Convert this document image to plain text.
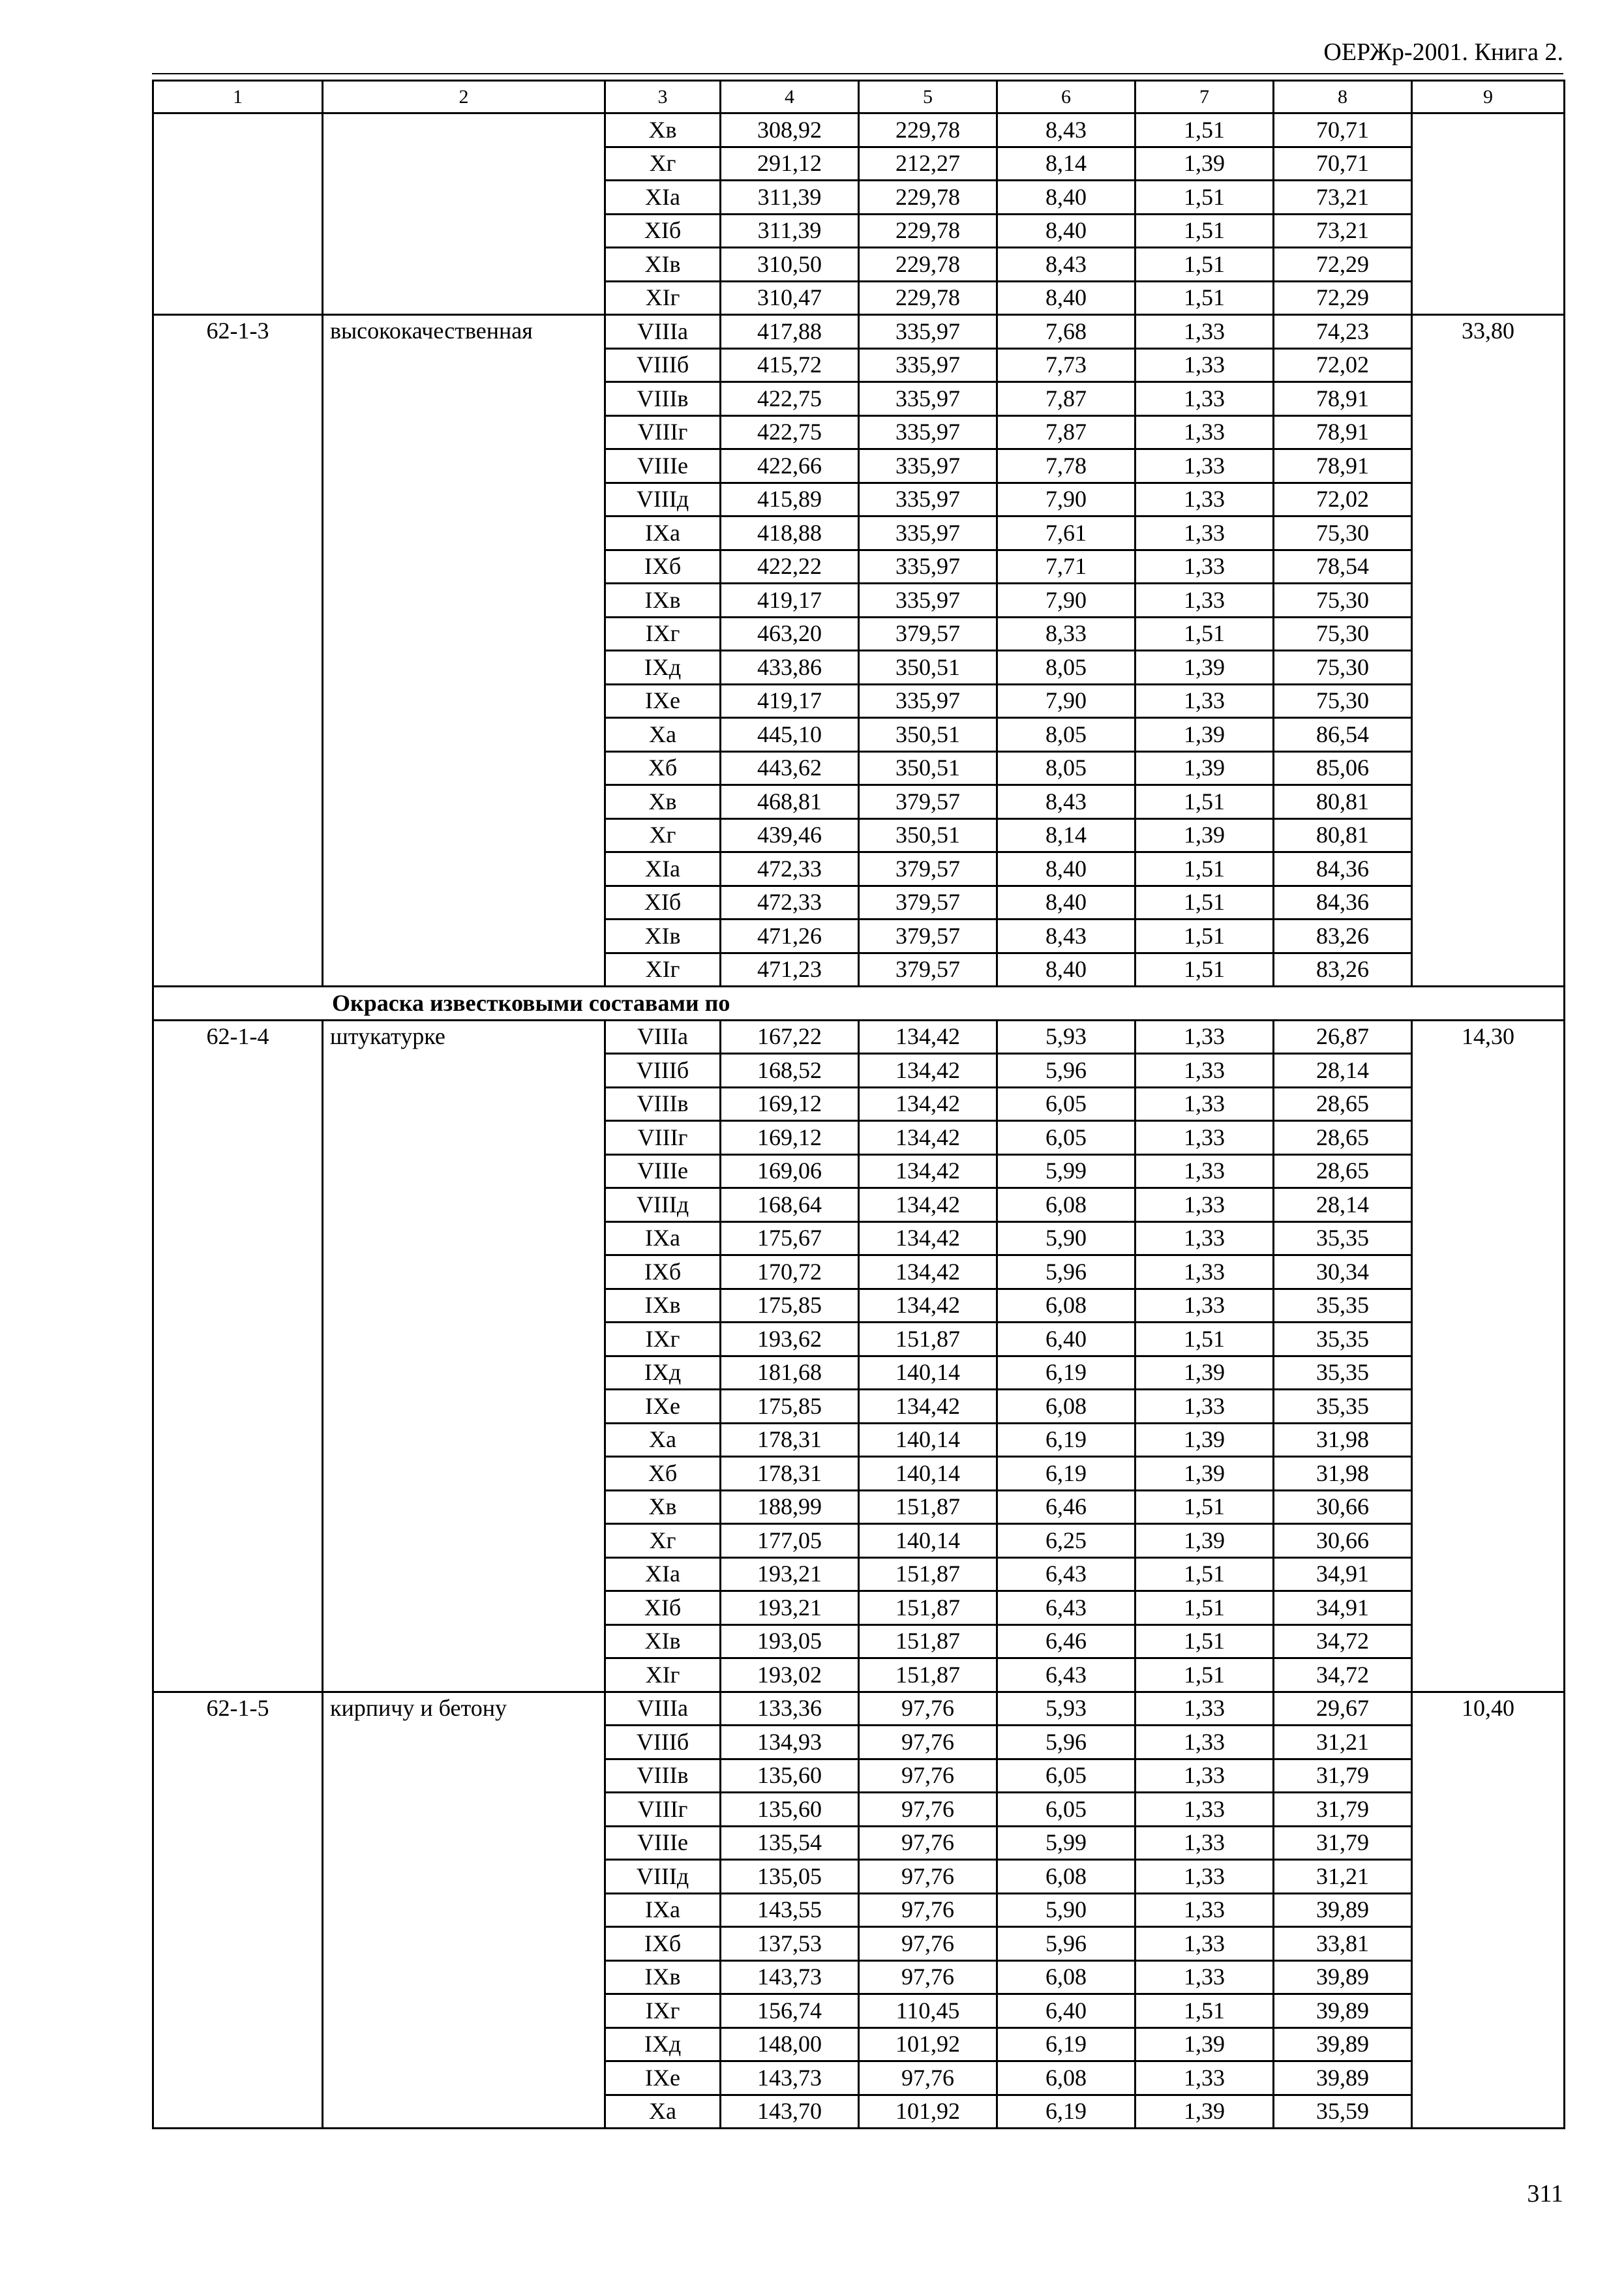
ОЕРЖр-2001. Книга 2.
1	2	3	4	5	6	7	8	9
		Хв	308,92	229,78	8,43	1,51	70,71	
		Хг	291,12	212,27	8,14	1,39	70,71	
		XIа	311,39	229,78	8,40	1,51	73,21	
		XIб	311,39	229,78	8,40	1,51	73,21	
		XIв	310,50	229,78	8,43	1,51	72,29	
		XIг	310,47	229,78	8,40	1,51	72,29	
62-1-3	высококачественная	VIIIа	417,88	335,97	7,68	1,33	74,23	33,80
		VIIIб	415,72	335,97	7,73	1,33	72,02	
		VIIIв	422,75	335,97	7,87	1,33	78,91	
		VIIIг	422,75	335,97	7,87	1,33	78,91	
		VIIIе	422,66	335,97	7,78	1,33	78,91	
		VIIIд	415,89	335,97	7,90	1,33	72,02	
		IХа	418,88	335,97	7,61	1,33	75,30	
		IХб	422,22	335,97	7,71	1,33	78,54	
		IХв	419,17	335,97	7,90	1,33	75,30	
		IХг	463,20	379,57	8,33	1,51	75,30	
		IХд	433,86	350,51	8,05	1,39	75,30	
		IХе	419,17	335,97	7,90	1,33	75,30	
		Ха	445,10	350,51	8,05	1,39	86,54	
		Хб	443,62	350,51	8,05	1,39	85,06	
		Хв	468,81	379,57	8,43	1,51	80,81	
		Хг	439,46	350,51	8,14	1,39	80,81	
		XIа	472,33	379,57	8,40	1,51	84,36	
		XIб	472,33	379,57	8,40	1,51	84,36	
		XIв	471,26	379,57	8,43	1,51	83,26	
		XIг	471,23	379,57	8,40	1,51	83,26	
Окраска известковыми составами по								
62-1-4	штукатурке	VIIIа	167,22	134,42	5,93	1,33	26,87	14,30
		VIIIб	168,52	134,42	5,96	1,33	28,14	
		VIIIв	169,12	134,42	6,05	1,33	28,65	
		VIIIг	169,12	134,42	6,05	1,33	28,65	
		VIIIе	169,06	134,42	5,99	1,33	28,65	
		VIIIд	168,64	134,42	6,08	1,33	28,14	
		IХа	175,67	134,42	5,90	1,33	35,35	
		IХб	170,72	134,42	5,96	1,33	30,34	
		IХв	175,85	134,42	6,08	1,33	35,35	
		IХг	193,62	151,87	6,40	1,51	35,35	
		IХд	181,68	140,14	6,19	1,39	35,35	
		IХе	175,85	134,42	6,08	1,33	35,35	
		Ха	178,31	140,14	6,19	1,39	31,98	
		Хб	178,31	140,14	6,19	1,39	31,98	
		Хв	188,99	151,87	6,46	1,51	30,66	
		Хг	177,05	140,14	6,25	1,39	30,66	
		XIа	193,21	151,87	6,43	1,51	34,91	
		XIб	193,21	151,87	6,43	1,51	34,91	
		XIв	193,05	151,87	6,46	1,51	34,72	
		XIг	193,02	151,87	6,43	1,51	34,72	
62-1-5	кирпичу и бетону	VIIIа	133,36	97,76	5,93	1,33	29,67	10,40
		VIIIб	134,93	97,76	5,96	1,33	31,21	
		VIIIв	135,60	97,76	6,05	1,33	31,79	
		VIIIг	135,60	97,76	6,05	1,33	31,79	
		VIIIе	135,54	97,76	5,99	1,33	31,79	
		VIIIд	135,05	97,76	6,08	1,33	31,21	
		IХа	143,55	97,76	5,90	1,33	39,89	
		IХб	137,53	97,76	5,96	1,33	33,81	
		IХв	143,73	97,76	6,08	1,33	39,89	
		IХг	156,74	110,45	6,40	1,51	39,89	
		IХд	148,00	101,92	6,19	1,39	39,89	
		IХе	143,73	97,76	6,08	1,33	39,89	
		Ха	143,70	101,92	6,19	1,39	35,59	
311
